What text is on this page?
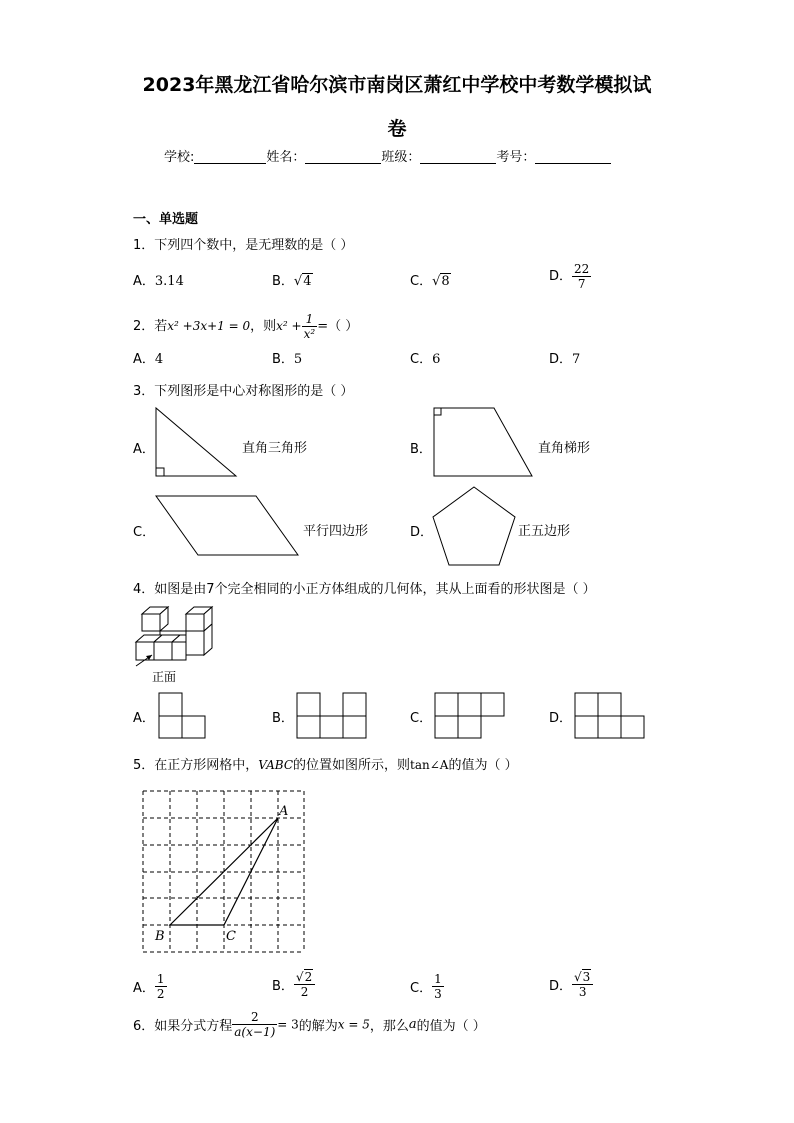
2023年黑龙江省哈尔滨市南岗区萧红中学校中考数学模拟试
卷
学校:	姓名：	班级：	考号：
一、单选题
1．下列四个数中，是无理数的是（ ）
A．3.14	B．√4	C．√8	D． $\frac{22}{7}$
2．若x² +3x+1 = 0，则$x^2 + \frac{1}{\text{x²}}$ =（ ）
A．4	B．5	C．6	D．7
3．下列图形是中心对称图形的是（ ）
A．	直角三角形	B．	直角梯形
C．	平行四边形	D．	正五边形
4．如图是由7个完全相同的小正方体组成的几何体，其从上面看的形状图是（ ）
正面
A．	B．	C．	D．
5．在正方形网格中，VABC的位置如图所示，则tan∠A的值为（ ）
A
B	C
A． $\frac{1}{2}$	B． $\frac{√2}{2}$	C． $\frac{1}{3}$	D． $\frac{√3}{3}$
6．如果分式方程 $\frac{2}{a(x-1)} = 3$的解为x = 5，那么a的值为（ ）
